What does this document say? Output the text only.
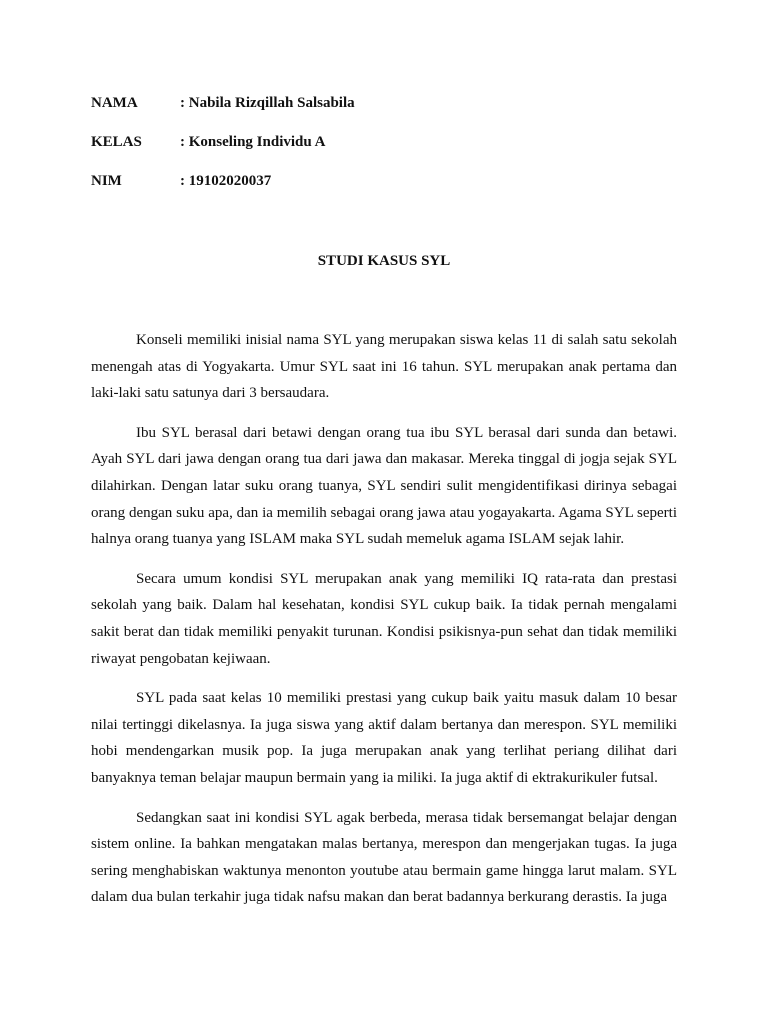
NAMA	: Nabila Rizqillah Salsabila
KELAS	: Konseling Individu A
NIM	: 19102020037
STUDI KASUS SYL

Konseli memiliki inisial nama SYL yang merupakan siswa kelas 11 di salah satu sekolah menengah atas di Yogyakarta. Umur SYL saat ini 16 tahun. SYL merupakan anak pertama dan laki-laki satu satunya dari 3 bersaudara.

Ibu SYL berasal dari betawi dengan orang tua ibu SYL berasal dari sunda dan betawi. Ayah SYL dari jawa dengan orang tua dari jawa dan makasar. Mereka tinggal di jogja sejak SYL dilahirkan. Dengan latar suku orang tuanya, SYL sendiri sulit mengidentifikasi dirinya sebagai orang dengan suku apa, dan ia memilih sebagai orang jawa atau yogayakarta. Agama SYL seperti halnya orang tuanya yang ISLAM maka SYL sudah memeluk agama ISLAM sejak lahir.

Secara umum kondisi SYL merupakan anak yang memiliki IQ rata-rata dan prestasi sekolah yang baik. Dalam hal kesehatan, kondisi SYL cukup baik. Ia tidak pernah mengalami sakit berat dan tidak memiliki penyakit turunan. Kondisi psikisnya-pun sehat dan tidak memiliki riwayat pengobatan kejiwaan.

SYL pada saat kelas 10 memiliki prestasi yang cukup baik yaitu masuk dalam 10 besar nilai tertinggi dikelasnya. Ia juga siswa yang aktif dalam bertanya dan merespon. SYL memiliki hobi mendengarkan musik pop. Ia juga merupakan anak yang terlihat periang dilihat dari banyaknya teman belajar maupun bermain yang ia miliki. Ia juga aktif di ektrakurikuler futsal.

Sedangkan saat ini kondisi SYL agak berbeda, merasa tidak bersemangat belajar dengan sistem online. Ia bahkan mengatakan malas bertanya, merespon dan mengerjakan tugas. Ia juga sering menghabiskan waktunya menonton youtube atau bermain game hingga larut malam. SYL dalam dua bulan terkahir juga tidak nafsu makan dan berat badannya berkurang derastis. Ia juga
